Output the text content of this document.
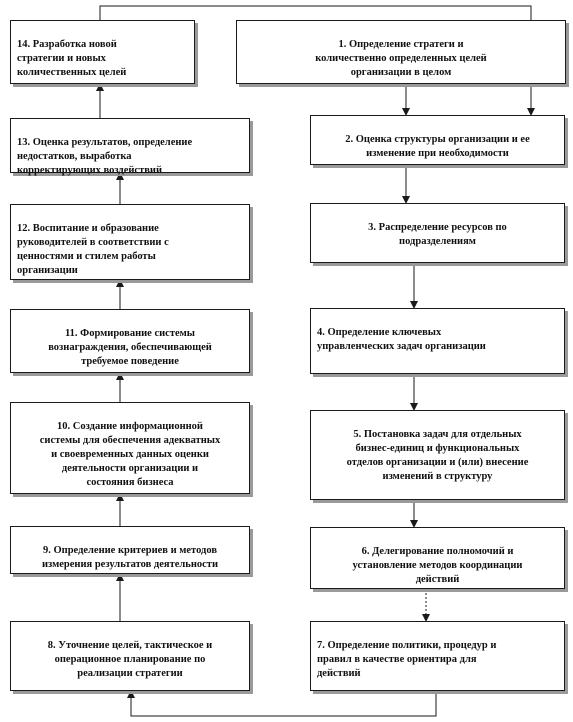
1. Определение стратеги и
количественно определенных целей
организации в целом

2. Оценка структуры организации и ее
изменение при необходимости

3. Распределение ресурсов по
подразделениям

4. Определение ключевых
управленческих задач организации

5. Постановка задач для отдельных
бизнес-единиц и функциональных
отделов организации и (или) внесение
изменений в структуру

6. Делегирование полномочий и
установление методов координации
действий

7. Определение политики, процедур и
правил в качестве ориентира для
действий

8. Уточнение целей, тактическое и
операционное планирование по
реализации стратегии

9. Определение критериев и методов
измерения результатов деятельности

10. Создание информационной
системы для обеспечения адекватных
и своевременных данных оценки
деятельности организации и
состояния бизнеса

11. Формирование системы
вознаграждения, обеспечивающей
требуемое поведение

12. Воспитание и образование
руководителей в соответствии с
ценностями и стилем работы
организации

13. Оценка результатов, определение
недостатков, выработка
корректирующих воздействий

14. Разработка новой
стратегии и новых
количественных целей
